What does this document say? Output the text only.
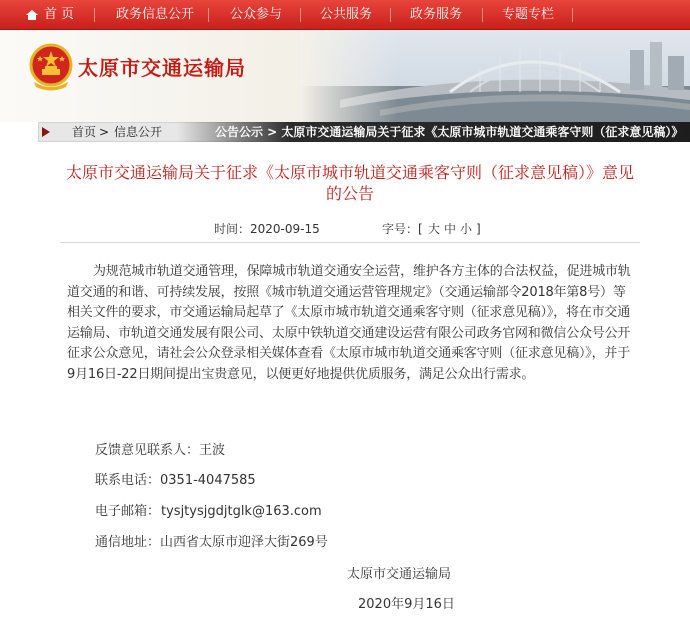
首 页	政务信息公开	公众参与	公共服务	政务服务	专题专栏
太原市交通运输局
首页 > 信息公开	公告公示 > 太原市交通运输局关于征求《太原市城市轨道交通乘客守则（征求意见稿）》
太原市交通运输局关于征求《太原市城市轨道交通乘客守则（征求意见稿）》意见的公告
时间： 2020-09-15	字号： [ 大 中 小 ]

为规范城市轨道交通管理，保障城市轨道交通安全运营，维护各方主体的合法权益，促进城市轨道交通的和谐、可持续发展，按照《城市轨道交通运营管理规定》（交通运输部令2018年第8号）等相关文件的要求，市交通运输局起草了《太原市城市轨道交通乘客守则（征求意见稿）》，将在市交通运输局、市轨道交通发展有限公司、太原中铁轨道交通建设运营有限公司政务官网和微信公众号公开征求公众意见，请社会公众登录相关媒体查看《太原市城市轨道交通乘客守则（征求意见稿）》，并于9月16日-22日期间提出宝贵意见，以便更好地提供优质服务，满足公众出行需求。

反馈意见联系人：王波
联系电话：0351-4047585
电子邮箱： tysjtysjgdjtglk@163.com
通信地址：山西省太原市迎泽大街269号
太原市交通运输局
2020年9月16日
